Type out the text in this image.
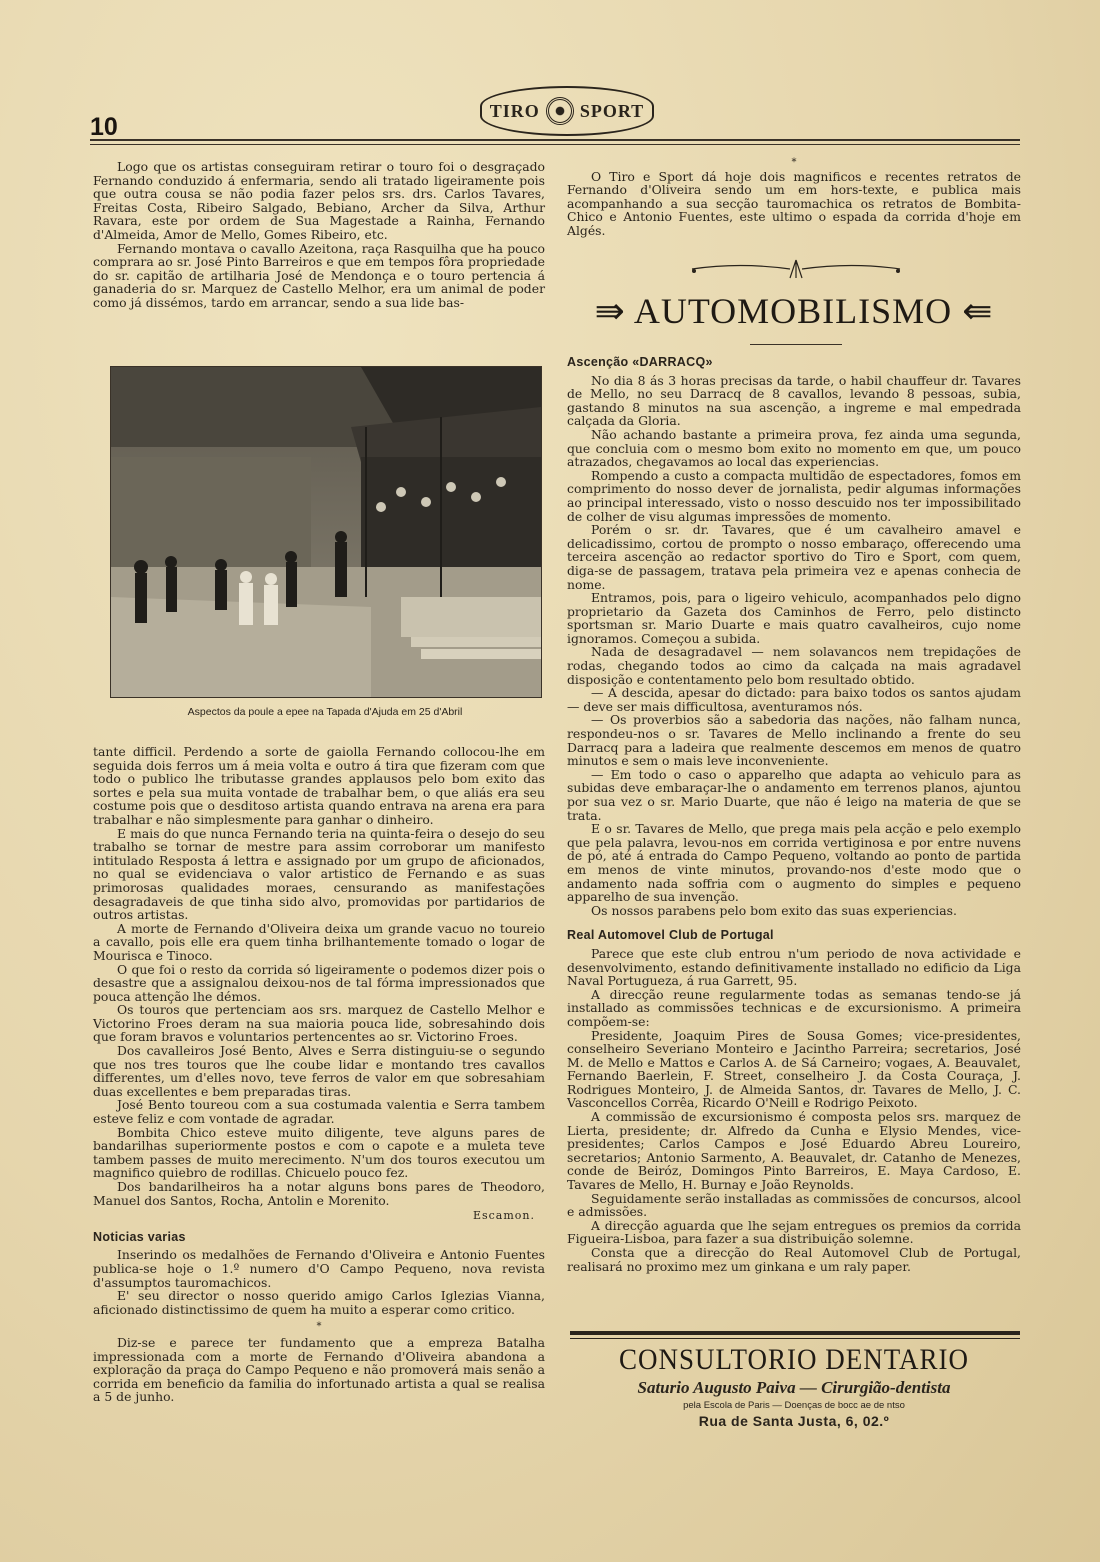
10
TIRO SPORT

Logo que os artistas conseguiram retirar o touro foi o desgraçado Fernando conduzido á enfermaria, sendo ali tratado ligeiramente pois que outra cousa se não podia fazer pelos srs. drs. Carlos Tavares, Freitas Costa, Ribeiro Salgado, Bebiano, Archer da Silva, Arthur Ravara, este por ordem de Sua Magestade a Rainha, Fernando d'Almeida, Amor de Mello, Gomes Ribeiro, etc.

Fernando montava o cavallo Azeitona, raça Rasquilha que ha pouco comprara ao sr. José Pinto Barreiros e que em tempos fôra propriedade do sr. capitão de artilharia José de Mendonça e o touro pertencia á ganaderia do sr. Marquez de Castello Melhor, era um animal de poder como já dissémos, tardo em arrancar, sendo a sua lide bas-

Aspectos da poule a epee na Tapada d'Ajuda em 25 d'Abril

tante difficil. Perdendo a sorte de gaiolla Fernando collocou-lhe em seguida dois ferros um á meia volta e outro á tira que fizeram com que todo o publico lhe tributasse grandes applausos pelo bom exito das sortes e pela sua muita vontade de trabalhar bem, o que aliás era seu costume pois que o desditoso artista quando entrava na arena era para trabalhar e não simplesmente para ganhar o dinheiro.

E mais do que nunca Fernando teria na quinta-feira o desejo do seu trabalho se tornar de mestre para assim corroborar um manifesto intitulado Resposta á lettra e assignado por um grupo de aficionados, no qual se evidenciava o valor artistico de Fernando e as suas primorosas qualidades moraes, censurando as manifestações desagradaveis de que tinha sido alvo, promovidas por partidarios de outros artistas.

A morte de Fernando d'Oliveira deixa um grande vacuo no toureio a cavallo, pois elle era quem tinha brilhantemente tomado o logar de Mourisca e Tinoco.

O que foi o resto da corrida só ligeiramente o podemos dizer pois o desastre que a assignalou deixou-nos de tal fórma impressionados que pouca attenção lhe démos.

Os touros que pertenciam aos srs. marquez de Castello Melhor e Victorino Froes deram na sua maioria pouca lide, sobresahindo dois que foram bravos e voluntarios pertencentes ao sr. Victorino Froes.

Dos cavalleiros José Bento, Alves e Serra distinguiu-se o segundo que nos tres touros que lhe coube lidar e montando tres cavallos differentes, um d'elles novo, teve ferros de valor em que sobresahiam duas excellentes e bem preparadas tiras.

José Bento toureou com a sua costumada valentia e Serra tambem esteve feliz e com vontade de agradar.

Bombita Chico esteve muito diligente, teve alguns pares de bandarilhas superiormente postos e com o capote e a muleta teve tambem passes de muito merecimento. N'um dos touros executou um magnifico quiebro de rodillas. Chicuelo pouco fez.

Dos bandarilheiros ha a notar alguns bons pares de Theodoro, Manuel dos Santos, Rocha, Antolin e Morenito.

Escamon.
Noticias varias

Inserindo os medalhões de Fernando d'Oliveira e Antonio Fuentes publica-se hoje o 1.º numero d'O Campo Pequeno, nova revista d'assumptos tauromachicos.

E' seu director o nosso querido amigo Carlos Iglezias Vianna, aficionado distinctissimo de quem ha muito a esperar como critico.

*

Diz-se e parece ter fundamento que a empreza Batalha impressionada com a morte de Fernando d'Oliveira abandona a exploração da praça do Campo Pequeno e não promoverá mais senão a corrida em beneficio da familia do infortunado artista a qual se realisa a 5 de junho.

*

O Tiro e Sport dá hoje dois magnificos e recentes retratos de Fernando d'Oliveira sendo um em hors-texte, e publica mais acompanhando a sua secção tauromachica os retratos de Bombita-Chico e Antonio Fuentes, este ultimo o espada da corrida d'hoje em Algés.

⇛ AUTOMOBILISMO ⇚
Ascenção «DARRACQ»

No dia 8 ás 3 horas precisas da tarde, o habil chauffeur dr. Tavares de Mello, no seu Darracq de 8 cavallos, levando 8 pessoas, subia, gastando 8 minutos na sua ascenção, a ingreme e mal empedrada calçada da Gloria.

Não achando bastante a primeira prova, fez ainda uma segunda, que concluia com o mesmo bom exito no momento em que, um pouco atrazados, chegavamos ao local das experiencias.

Rompendo a custo a compacta multidão de espectadores, fomos em comprimento do nosso dever de jornalista, pedir algumas informações ao principal interessado, visto o nosso descuido nos ter impossibilitado de colher de visu algumas impressões de momento.

Porém o sr. dr. Tavares, que é um cavalheiro amavel e delicadissimo, cortou de prompto o nosso embaraço, offerecendo uma terceira ascenção ao redactor sportivo do Tiro e Sport, com quem, diga-se de passagem, tratava pela primeira vez e apenas conhecia de nome.

Entramos, pois, para o ligeiro vehiculo, acompanhados pelo digno proprietario da Gazeta dos Caminhos de Ferro, pelo distincto sportsman sr. Mario Duarte e mais quatro cavalheiros, cujo nome ignoramos. Começou a subida.

Nada de desagradavel — nem solavancos nem trepidações de rodas, chegando todos ao cimo da calçada na mais agradavel disposição e contentamento pelo bom resultado obtido.

— A descida, apesar do dictado: para baixo todos os santos ajudam — deve ser mais difficultosa, aventuramos nós.

— Os proverbios são a sabedoria das nações, não falham nunca, respondeu-nos o sr. Tavares de Mello inclinando a frente do seu Darracq para a ladeira que realmente descemos em menos de quatro minutos e sem o mais leve inconveniente.

— Em todo o caso o apparelho que adapta ao vehiculo para as subidas deve embaraçar-lhe o andamento em terrenos planos, ajuntou por sua vez o sr. Mario Duarte, que não é leigo na materia de que se trata.

E o sr. Tavares de Mello, que prega mais pela acção e pelo exemplo que pela palavra, levou-nos em corrida vertiginosa e por entre nuvens de pó, até á entrada do Campo Pequeno, voltando ao ponto de partida em menos de vinte minutos, provando-nos d'este modo que o andamento nada soffria com o augmento do simples e pequeno apparelho de sua invenção.

Os nossos parabens pelo bom exito das suas experiencias.

Real Automovel Club de Portugal

Parece que este club entrou n'um periodo de nova actividade e desenvolvimento, estando definitivamente installado no edificio da Liga Naval Portugueza, á rua Garrett, 95.

A direcção reune regularmente todas as semanas tendo-se já installado as commissões technicas e de excursionismo. A primeira compõem-se:

Presidente, Joaquim Pires de Sousa Gomes; vice-presidentes, conselheiro Severiano Monteiro e Jacintho Parreira; secretarios, José M. de Mello e Mattos e Carlos A. de Sá Carneiro; vogaes, A. Beauvalet, Fernando Baerlein, F. Street, conselheiro J. da Costa Couraça, J. Rodrigues Monteiro, J. de Almeida Santos, dr. Tavares de Mello, J. C. Vasconcellos Corrêa, Ricardo O'Neill e Rodrigo Peixoto.

A commissão de excursionismo é composta pelos srs. marquez de Lierta, presidente; dr. Alfredo da Cunha e Elysio Mendes, vice-presidentes; Carlos Campos e José Eduardo Abreu Loureiro, secretarios; Antonio Sarmento, A. Beauvalet, dr. Catanho de Menezes, conde de Beiróz, Domingos Pinto Barreiros, E. Maya Cardoso, E. Tavares de Mello, H. Burnay e João Reynolds.

Seguidamente serão installadas as commissões de concursos, alcool e admissões.

A direcção aguarda que lhe sejam entregues os premios da corrida Figueira-Lisboa, para fazer a sua distribuição solemne.

Consta que a direcção do Real Automovel Club de Portugal, realisará no proximo mez um ginkana e um raly paper.

CONSULTORIO DENTARIO
Saturio Augusto Paiva — Cirurgião-dentista
pela Escola de Paris — Doenças de bocc ae de ntso
Rua de Santa Justa, 6, 02.º
